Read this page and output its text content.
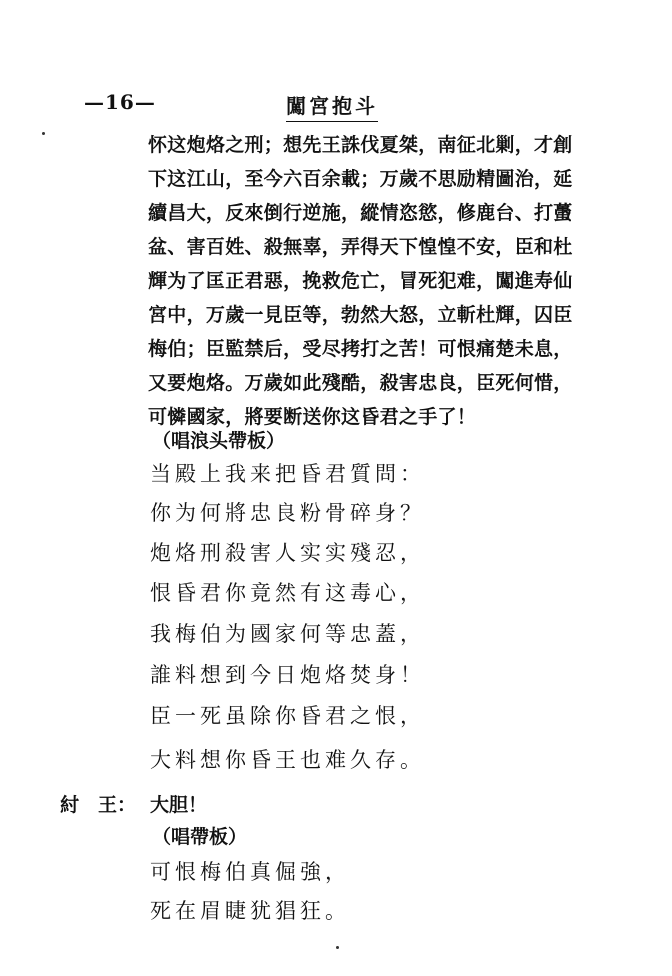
—16—	闖宮抱斗
怀这炮烙之刑；想先王誅伐夏桀，南征北剿，才創
下这江山，至今六百余載；万歲不思励精圖治，延
續昌大，反來倒行逆施，縱情恣慾，修鹿台、打蠆
盆、害百姓、殺無辜，弄得天下惶惶不安，臣和杜
輝为了匡正君惡，挽救危亡，冒死犯难，闖進寿仙
宮中，万歲一見臣等，勃然大怒，立斬杜輝，囚臣
梅伯；臣監禁后，受尽拷打之苦！可恨痛楚未息，
又要炮烙。万歲如此殘酷，殺害忠良，臣死何惜，
可憐國家，將要断送你这昏君之手了！
（唱浪头帶板）
当殿上我来把昏君質問：
你为何將忠良粉骨碎身？
炮烙刑殺害人实实殘忍，
恨昏君你竟然有这毒心，
我梅伯为國家何等忠蓋，
誰料想到今日炮烙焚身！
臣一死虽除你昏君之恨，
大料想你昏王也难久存。
紂　王： 大胆！
（唱帶板）
可恨梅伯真倔強，
死在眉睫犹猖狂。
